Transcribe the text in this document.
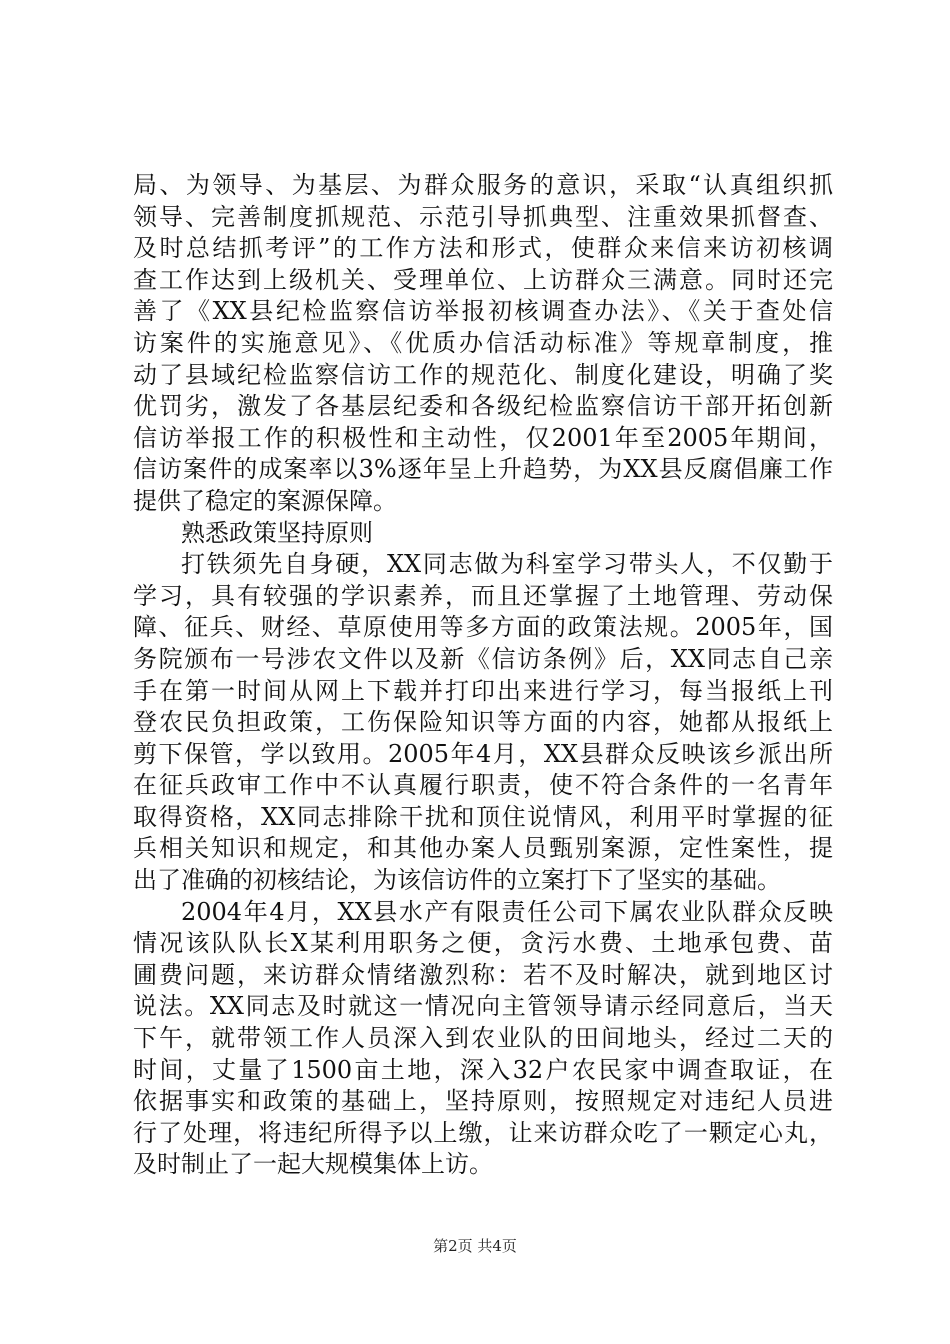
局、为领导、为基层、为群众服务的意识，采取“认真组织抓
领导、完善制度抓规范、示范引导抓典型、注重效果抓督查、
及时总结抓考评”的工作方法和形式，使群众来信来访初核调
查工作达到上级机关、受理单位、上访群众三满意。同时还完
善了《XX县纪检监察信访举报初核调查办法》、《关于查处信
访案件的实施意见》、《优质办信活动标准》等规章制度，推
动了县域纪检监察信访工作的规范化、制度化建设，明确了奖
优罚劣，激发了各基层纪委和各级纪检监察信访干部开拓创新
信访举报工作的积极性和主动性，仅2001年至2005年期间，
信访案件的成案率以3%逐年呈上升趋势，为XX县反腐倡廉工作
提供了稳定的案源保障。
熟悉政策坚持原则
打铁须先自身硬，XX同志做为科室学习带头人，不仅勤于
学习，具有较强的学识素养，而且还掌握了土地管理、劳动保
障、征兵、财经、草原使用等多方面的政策法规。2005年，国
务院颁布一号涉农文件以及新《信访条例》后，XX同志自己亲
手在第一时间从网上下载并打印出来进行学习，每当报纸上刊
登农民负担政策，工伤保险知识等方面的内容，她都从报纸上
剪下保管，学以致用。2005年4月，XX县群众反映该乡派出所
在征兵政审工作中不认真履行职责，使不符合条件的一名青年
取得资格，XX同志排除干扰和顶住说情风，利用平时掌握的征
兵相关知识和规定，和其他办案人员甄别案源，定性案性，提
出了准确的初核结论，为该信访件的立案打下了坚实的基础。
2004年4月，XX县水产有限责任公司下属农业队群众反映
情况该队队长X某利用职务之便，贪污水费、土地承包费、苗
圃费问题，来访群众情绪激烈称：若不及时解决，就到地区讨
说法。XX同志及时就这一情况向主管领导请示经同意后，当天
下午，就带领工作人员深入到农业队的田间地头，经过二天的
时间，丈量了1500亩土地，深入32户农民家中调查取证，在
依据事实和政策的基础上，坚持原则，按照规定对违纪人员进
行了处理，将违纪所得予以上缴，让来访群众吃了一颗定心丸，
及时制止了一起大规模集体上访。
第2页 共4页
